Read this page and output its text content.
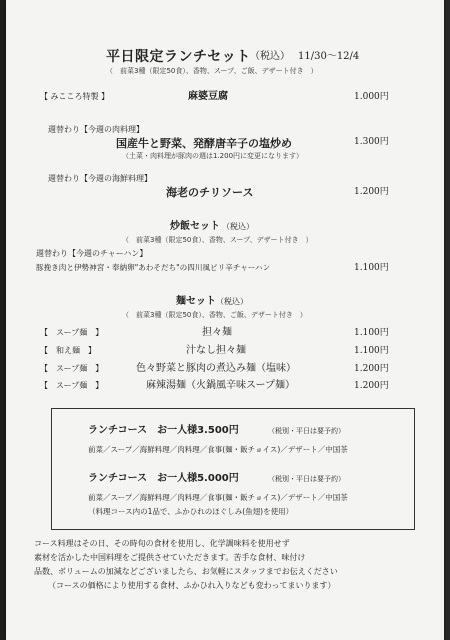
平日限定ランチセット （税込） 11/30〜12/4
（　前菜3種（限定50食）、香物、スープ、ご飯、デザート付き　）
【 みこころ特製 】	麻婆豆腐	1.000円
週替わり【今週の肉料理】
国産牛と野菜、発酵唐辛子の塩炒め	1.300円
（土菜・肉料理が豚肉の週は1.200円に変更になります）
週替わり【今週の海鮮料理】
海老のチリソース	1.200円
炒飯セット （税込）
（　前菜3種（限定50食）、香物、スープ、デザート付き　）
週替わり【今週のチャーハン】
豚挽き肉と伊勢神宮・奉納卵"あわそだち"の四川風ピリ辛チャーハン	1.100円
麺セット （税込）
（　前菜3種（限定50食）、香物、ご飯、デザート付き　）
【　スープ麺　】	担々麺	1.100円
【　和え麺　】	汁なし担々麺	1.100円
【　スープ麺　】	色々野菜と豚肉の煮込み麺（塩味）	1.200円
【　スープ麺　】	麻辣湯麺（火鍋風辛味スープ麺）	1.200円
ランチコース　お一人様3.500円	（税別・平日は要予約）
前菜／スープ／海鮮料理／肉料理／食事(麺・飯チョイス)／デザート／中国茶
ランチコース　お一人様5.000円	（税別・平日は要予約）
前菜／スープ／海鮮料理／肉料理／食事(麺・飯チョイス)／デザート／中国茶
（料理コース内の1品で、ふかひれのほぐしみ(魚翅)を使用）
コース料理はその日、その時旬の食材を使用し、化学調味料を使用せず
素材を活かした中国料理をご提供させていただきます。苦手な食材、味付け
品数、ボリュームの加減などございましたら、お気軽にスタッフまでお伝えください
（コースの価格により使用する食材、ふかひれ入りなども変わってまいります）
